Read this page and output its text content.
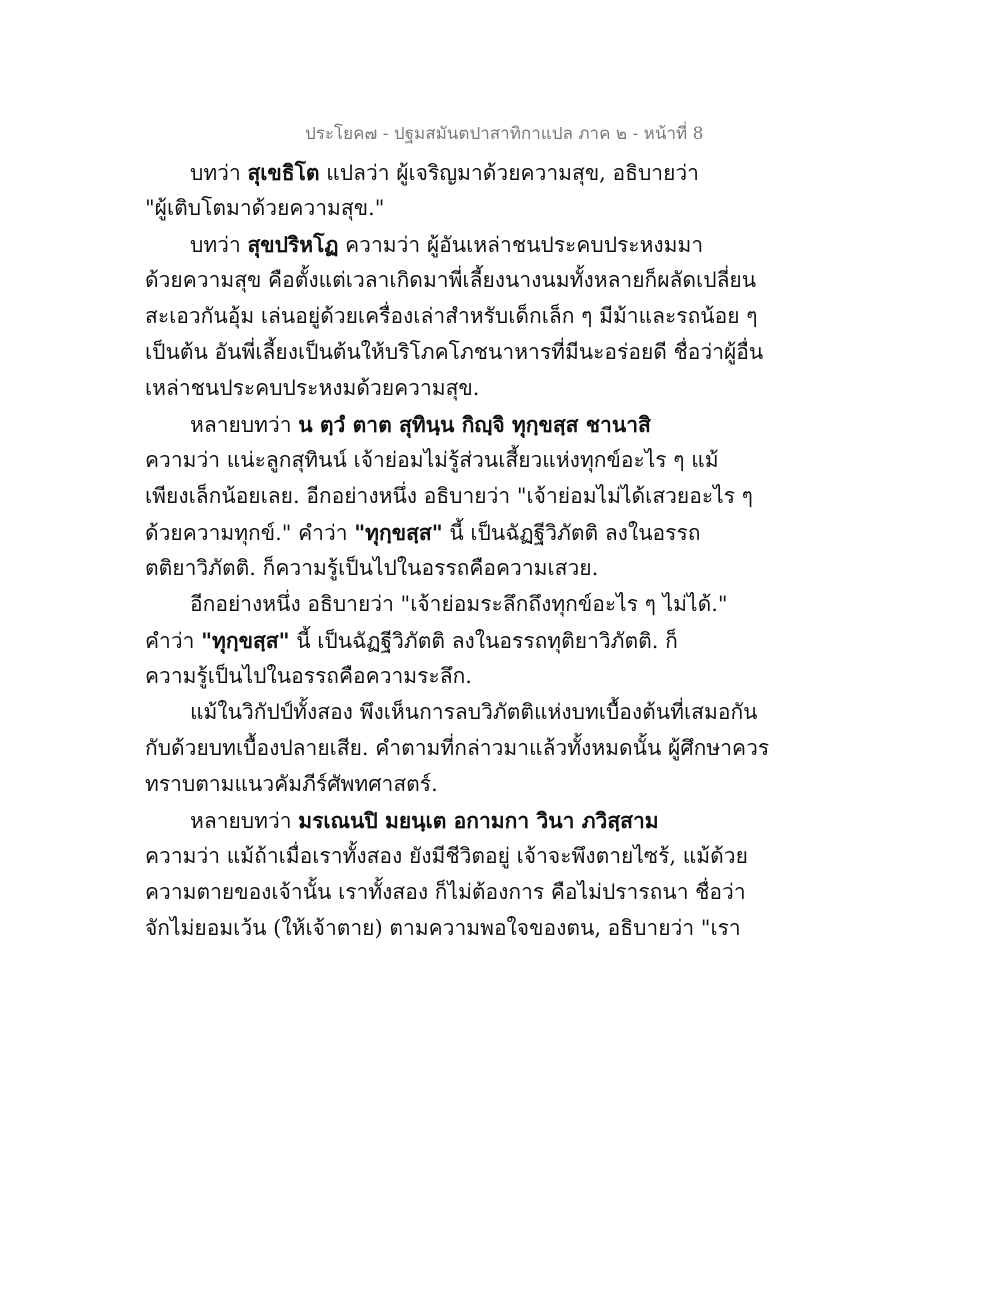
ประโยค๗ - ปฐมสมันตปาสาทิกาแปล ภาค ๒ - หน้าที่ 8
บทว่า สุเขธิโต แปลว่า ผู้เจริญมาด้วยความสุข, อธิบายว่า
"ผู้เติบโตมาด้วยความสุข."
บทว่า สุขปริหโฏ ความว่า ผู้อันเหล่าชนประคบประหงมมา
ด้วยความสุข คือตั้งแต่เวลาเกิดมาพี่เลี้ยงนางนมทั้งหลายก็ผลัดเปลี่ยน
สะเอวกันอุ้ม เล่นอยู่ด้วยเครื่องเล่าสำหรับเด็กเล็ก ๆ มีม้าและรถน้อย ๆ
เป็นต้น อันพี่เลี้ยงเป็นต้นให้บริโภคโภชนาหารที่มีนะอร่อยดี ชื่อว่าผู้อื่น
เหล่าชนประคบประหงมด้วยความสุข.
หลายบทว่า น ตฺวํ ตาต สุทินฺน กิญฺจิ ทุกฺขสฺส ชานาสิ
ความว่า แน่ะลูกสุทินน์ เจ้าย่อมไม่รู้ส่วนเสี้ยวแห่งทุกข์อะไร ๆ แม้
เพียงเล็กน้อยเลย. อีกอย่างหนึ่ง อธิบายว่า "เจ้าย่อมไม่ได้เสวยอะไร ๆ
ด้วยความทุกข์." คำว่า "ทุกฺขสฺส" นี้ เป็นฉัฏฐีวิภัตติ ลงในอรรถ
ตติยาวิภัตติ. ก็ความรู้เป็นไปในอรรถคือความเสวย.
อีกอย่างหนึ่ง อธิบายว่า "เจ้าย่อมระลึกถึงทุกข์อะไร ๆ ไม่ได้."
คำว่า "ทุกฺขสฺส" นี้ เป็นฉัฏฐีวิภัตติ ลงในอรรถทุติยาวิภัตติ. ก็
ความรู้เป็นไปในอรรถคือความระลึก.
แม้ในวิกัปป์ทั้งสอง พึงเห็นการลบวิภัตติแห่งบทเบื้องต้นที่เสมอกัน
กับด้วยบทเบื้องปลายเสีย. คำตามที่กล่าวมาแล้วทั้งหมดนั้น ผู้ศึกษาควร
ทราบตามแนวคัมภีร์ศัพทศาสตร์.
หลายบทว่า มรเณนปิ มยนฺเต อกามกา วินา ภวิสฺสาม
ความว่า แม้ถ้าเมื่อเราทั้งสอง ยังมีชีวิตอยู่ เจ้าจะพึงตายไซร้, แม้ด้วย
ความตายของเจ้านั้น เราทั้งสอง ก็ไม่ต้องการ คือไม่ปรารถนา ชื่อว่า
จักไม่ยอมเว้น (ให้เจ้าตาย) ตามความพอใจของตน, อธิบายว่า "เรา
